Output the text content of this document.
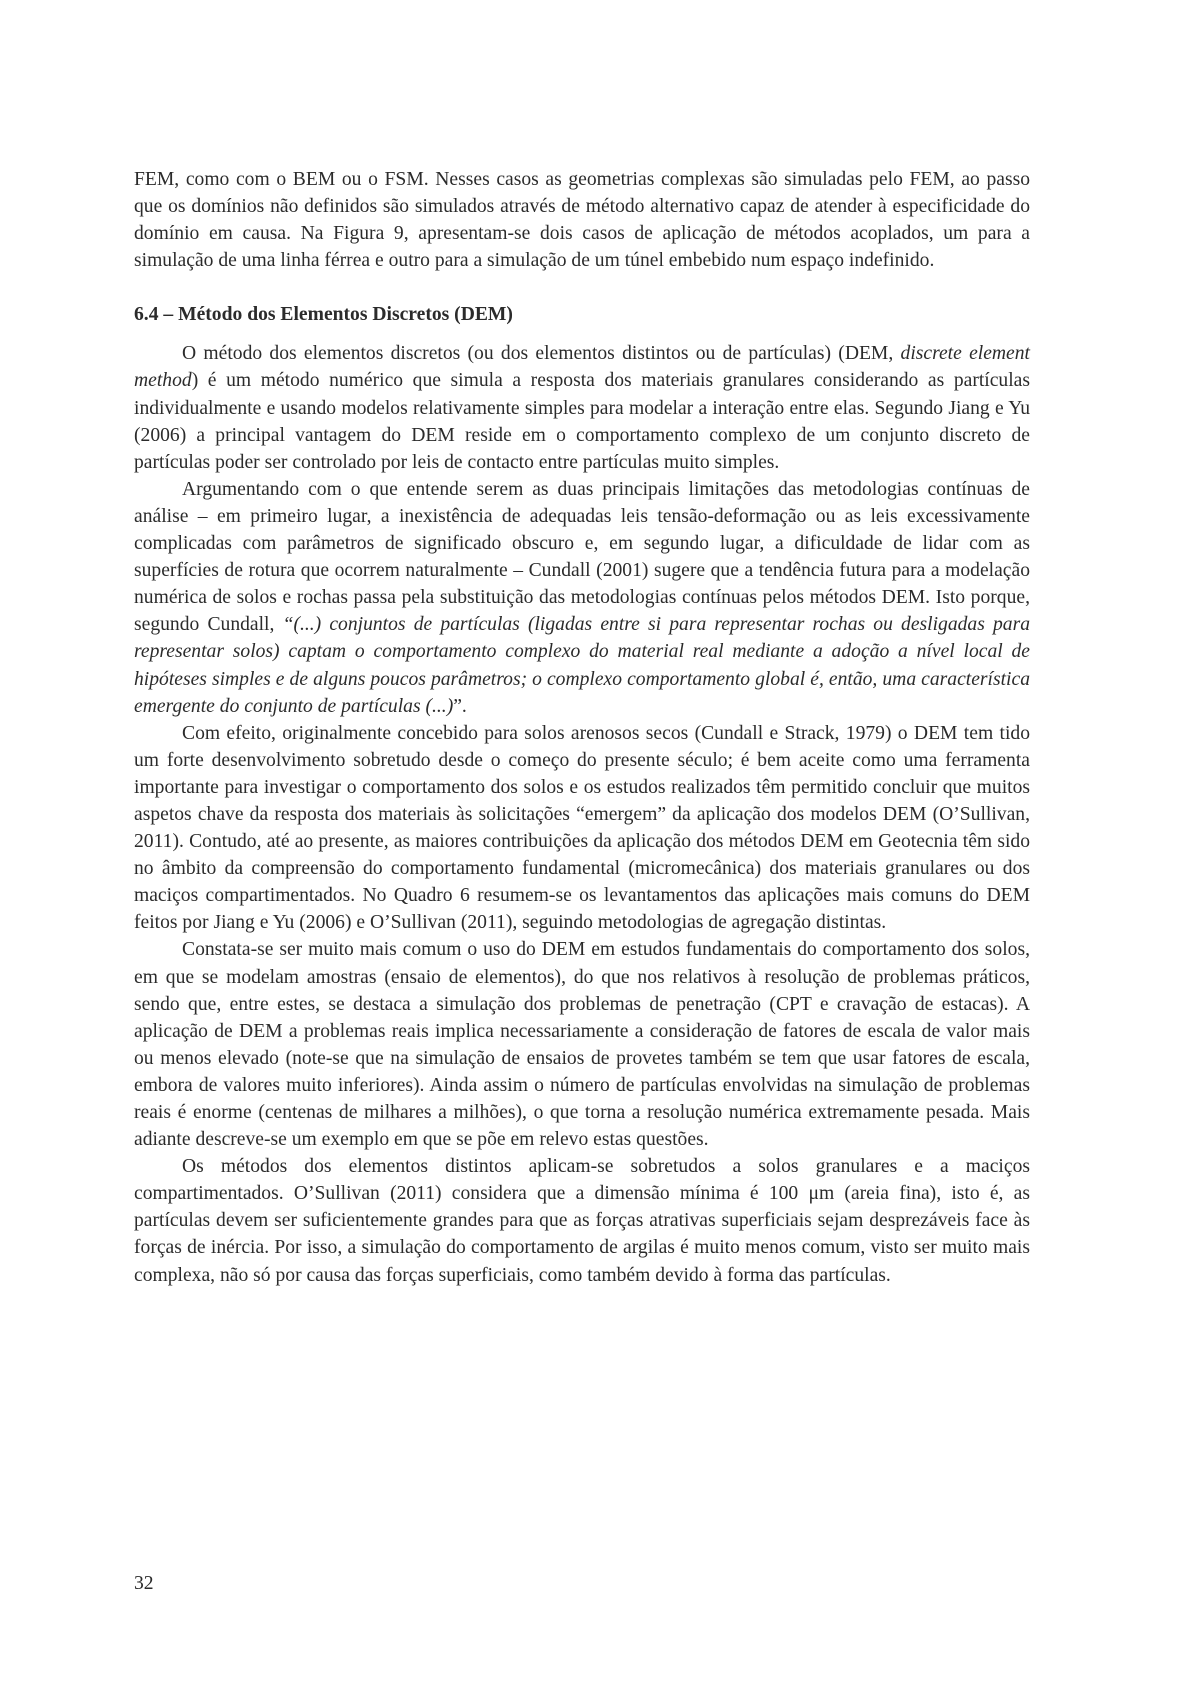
FEM, como com o BEM ou o FSM. Nesses casos as geometrias complexas são simuladas pelo FEM, ao passo que os domínios não definidos são simulados através de método alternativo capaz de atender à especificidade do domínio em causa. Na Figura 9, apresentam-se dois casos de aplicação de métodos acoplados, um para a simulação de uma linha férrea e outro para a simulação de um túnel embebido num espaço indefinido.

6.4 – Método dos Elementos Discretos (DEM)

O método dos elementos discretos (ou dos elementos distintos ou de partículas) (DEM, discrete element method) é um método numérico que simula a resposta dos materiais granulares considerando as partículas individualmente e usando modelos relativamente simples para modelar a interação entre elas. Segundo Jiang e Yu (2006) a principal vantagem do DEM reside em o comportamento complexo de um conjunto discreto de partículas poder ser controlado por leis de contacto entre partículas muito simples.

Argumentando com o que entende serem as duas principais limitações das metodologias contínuas de análise – em primeiro lugar, a inexistência de adequadas leis tensão-deformação ou as leis excessivamente complicadas com parâmetros de significado obscuro e, em segundo lugar, a dificuldade de lidar com as superfícies de rotura que ocorrem naturalmente – Cundall (2001) sugere que a tendência futura para a modelação numérica de solos e rochas passa pela substituição das metodologias contínuas pelos métodos DEM. Isto porque, segundo Cundall, “(...) conjuntos de partículas (ligadas entre si para representar rochas ou desligadas para representar solos) captam o comportamento complexo do material real mediante a adoção a nível local de hipóteses simples e de alguns poucos parâmetros; o complexo comportamento global é, então, uma característica emergente do conjunto de partículas (...)”.

Com efeito, originalmente concebido para solos arenosos secos (Cundall e Strack, 1979) o DEM tem tido um forte desenvolvimento sobretudo desde o começo do presente século; é bem aceite como uma ferramenta importante para investigar o comportamento dos solos e os estudos realizados têm permitido concluir que muitos aspetos chave da resposta dos materiais às solicitações “emergem” da aplicação dos modelos DEM (O’Sullivan, 2011). Contudo, até ao presente, as maiores contribuições da aplicação dos métodos DEM em Geotecnia têm sido no âmbito da compreensão do comportamento fundamental (micromecânica) dos materiais granulares ou dos maciços compartimentados. No Quadro 6 resumem-se os levantamentos das aplicações mais comuns do DEM feitos por Jiang e Yu (2006) e O’Sullivan (2011), seguindo metodologias de agregação distintas.

Constata-se ser muito mais comum o uso do DEM em estudos fundamentais do comportamento dos solos, em que se modelam amostras (ensaio de elementos), do que nos relativos à resolução de problemas práticos, sendo que, entre estes, se destaca a simulação dos problemas de penetração (CPT e cravação de estacas). A aplicação de DEM a problemas reais implica necessariamente a consideração de fatores de escala de valor mais ou menos elevado (note-se que na simulação de ensaios de provetes também se tem que usar fatores de escala, embora de valores muito inferiores). Ainda assim o número de partículas envolvidas na simulação de problemas reais é enorme (centenas de milhares a milhões), o que torna a resolução numérica extremamente pesada. Mais adiante descreve-se um exemplo em que se põe em relevo estas questões.

Os métodos dos elementos distintos aplicam-se sobretudos a solos granulares e a maciços compartimentados. O’Sullivan (2011) considera que a dimensão mínima é 100 μm (areia fina), isto é, as partículas devem ser suficientemente grandes para que as forças atrativas superficiais sejam desprezáveis face às forças de inércia. Por isso, a simulação do comportamento de argilas é muito menos comum, visto ser muito mais complexa, não só por causa das forças superficiais, como também devido à forma das partículas.

32
